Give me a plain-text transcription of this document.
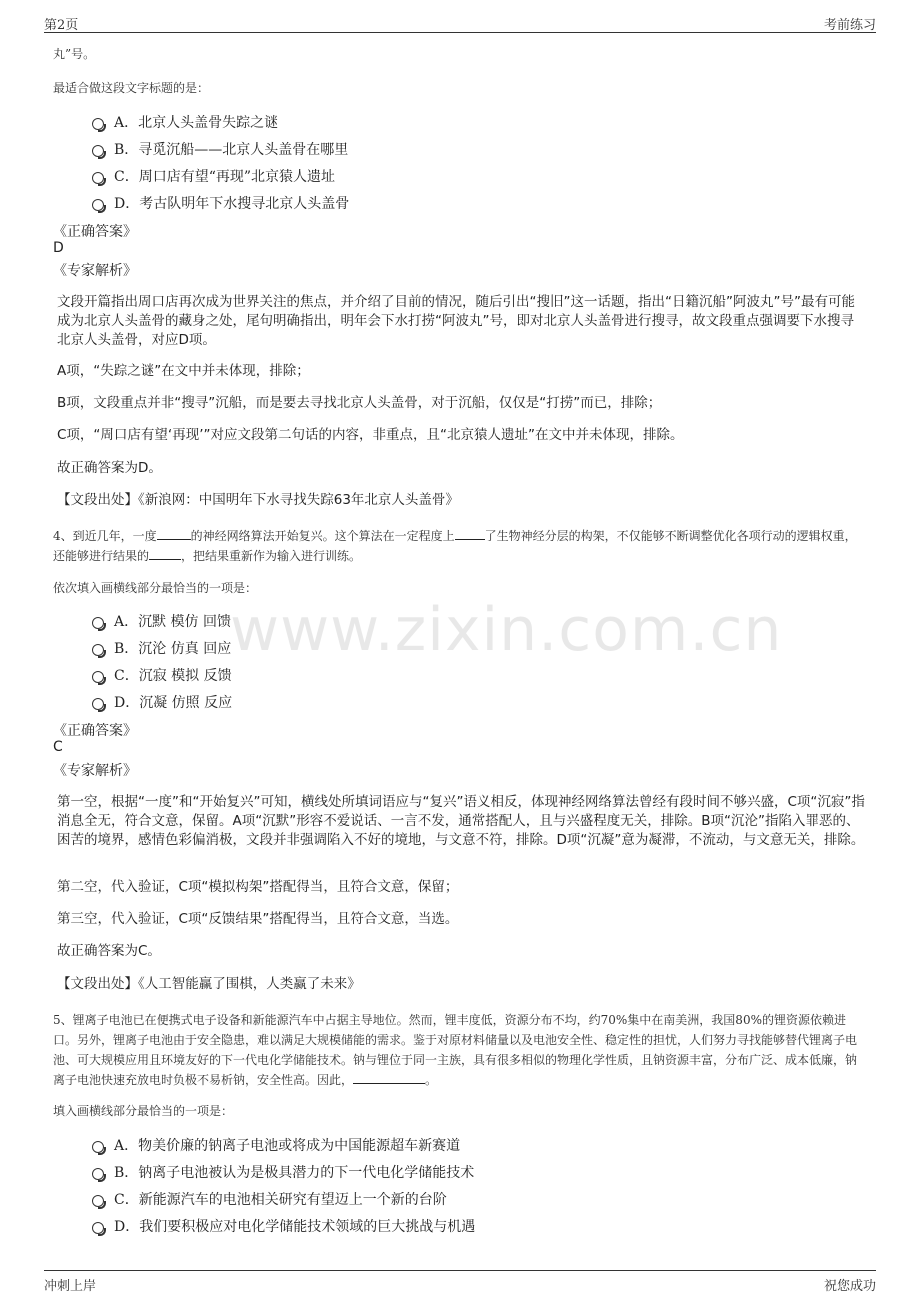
第2页	考前练习
www.zixin.com.cn
丸”号。
最适合做这段文字标题的是：
A．北京人头盖骨失踪之谜
B．寻觅沉船——北京人头盖骨在哪里
C．周口店有望“再现”北京猿人遗址
D．考古队明年下水搜寻北京人头盖骨
《正确答案》
D
《专家解析》
文段开篇指出周口店再次成为世界关注的焦点，并介绍了目前的情况，随后引出“搜旧”这一话题，指出“日籍沉船”阿波丸”号”最有可能成为北京人头盖骨的藏身之处，尾句明确指出，明年会下水打捞“阿波丸”号，即对北京人头盖骨进行搜寻，故文段重点强调要下水搜寻北京人头盖骨，对应D项。
A项，“失踪之谜”在文中并未体现，排除；
B项，文段重点并非“搜寻”沉船，而是要去寻找北京人头盖骨，对于沉船，仅仅是“打捞”而已，排除；
C项，“周口店有望‘再现’”对应文段第二句话的内容，非重点，且“北京猿人遗址”在文中并未体现，排除。
故正确答案为D。
【文段出处】《新浪网：中国明年下水寻找失踪63年北京人头盖骨》
4、到近几年，一度	的神经网络算法开始复兴。这个算法在一定程度上	了生物神经分层的构架，不仅能够不断调整优化各项行动的逻辑权重，还能够进行结果的	，把结果重新作为输入进行训练。
依次填入画横线部分最恰当的一项是：
A．沉默 模仿 回馈
B．沉沦 仿真 回应
C．沉寂 模拟 反馈
D．沉凝 仿照 反应
《正确答案》
C
《专家解析》
第一空，根据“一度”和“开始复兴”可知，横线处所填词语应与“复兴”语义相反，体现神经网络算法曾经有段时间不够兴盛，C项“沉寂”指消息全无，符合文意，保留。A项“沉默”形容不爱说话、一言不发，通常搭配人，且与兴盛程度无关，排除。B项“沉沦”指陷入罪恶的、困苦的境界，感情色彩偏消极，文段并非强调陷入不好的境地，与文意不符，排除。D项“沉凝”意为凝滞，不流动，与文意无关，排除。
第二空，代入验证，C项“模拟构架”搭配得当，且符合文意，保留；
第三空，代入验证，C项“反馈结果”搭配得当，且符合文意，当选。
故正确答案为C。
【文段出处】《人工智能赢了围棋，人类赢了未来》
5、锂离子电池已在便携式电子设备和新能源汽车中占据主导地位。然而，锂丰度低，资源分布不均，约70%集中在南美洲，我国80%的锂资源依赖进口。另外，锂离子电池由于安全隐患，难以满足大规模储能的需求。鉴于对原材料储量以及电池安全性、稳定性的担忧，人们努力寻找能够替代锂离子电池、可大规模应用且环境友好的下一代电化学储能技术。钠与锂位于同一主族，具有很多相似的物理化学性质，且钠资源丰富，分布广泛、成本低廉，钠离子电池快速充放电时负极不易析钠，安全性高。因此，	。
填入画横线部分最恰当的一项是：
A．物美价廉的钠离子电池或将成为中国能源超车新赛道
B．钠离子电池被认为是极具潜力的下一代电化学储能技术
C．新能源汽车的电池相关研究有望迈上一个新的台阶
D．我们要积极应对电化学储能技术领域的巨大挑战与机遇
冲刺上岸	祝您成功
